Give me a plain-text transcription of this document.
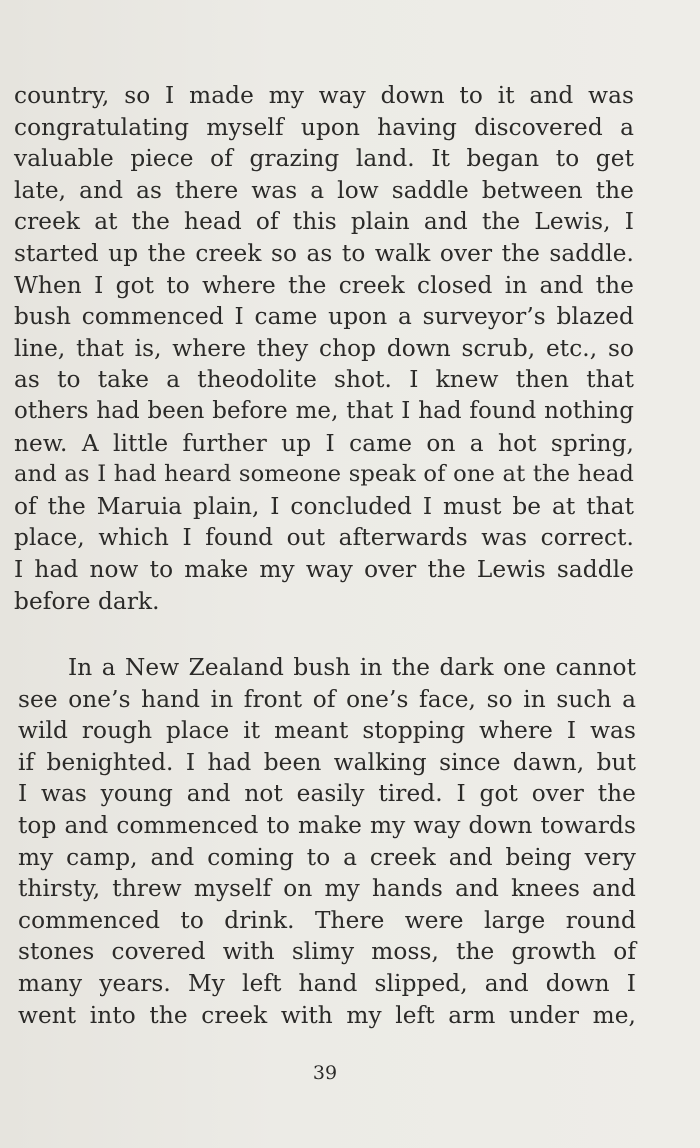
country, so I made my way down to it and was
congratulating myself upon having discovered a
valuable piece of grazing land. It began to get
late, and as there was a low saddle between the
creek at the head of this plain and the Lewis, I
started up the creek so as to walk over the saddle.
When I got to where the creek closed in and the
bush commenced I came upon a surveyor’s blazed
line, that is, where they chop down scrub, etc., so
as to take a theodolite shot. I knew then that
others had been before me, that I had found nothing
new. A little further up I came on a hot spring,
and as I had heard someone speak of one at the head
of the Maruia plain, I concluded I must be at that
place, which I found out afterwards was correct.
I had now to make my way over the Lewis saddle
before dark.
In a New Zealand bush in the dark one cannot
see one’s hand in front of one’s face, so in such a
wild rough place it meant stopping where I was
if benighted. I had been walking since dawn, but
I was young and not easily tired. I got over the
top and commenced to make my way down towards
my camp, and coming to a creek and being very
thirsty, threw myself on my hands and knees and
commenced to drink. There were large round
stones covered with slimy moss, the growth of
many years. My left hand slipped, and down I
went into the creek with my left arm under me,
39
